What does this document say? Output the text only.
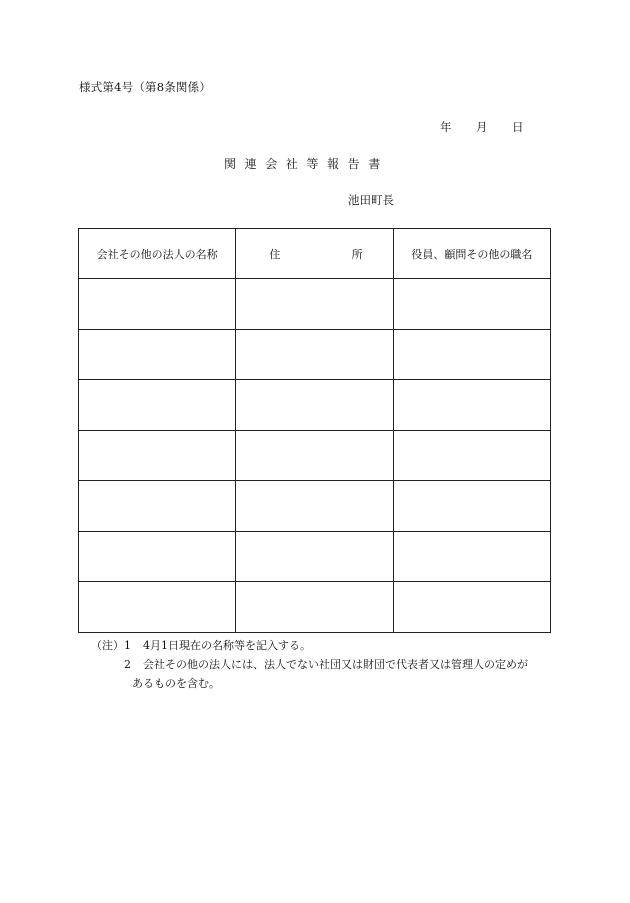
様式第4号（第8条関係）
年 月 日
関連会社等報告書
池田町長
会社その他の法人の名称	住 所	役員、顧問その他の職名

（注）1 4月1日現在の名称等を記入する。
2 会社その他の法人には、法人でない社団又は財団で代表者又は管理人の定めが
あるものを含む。
